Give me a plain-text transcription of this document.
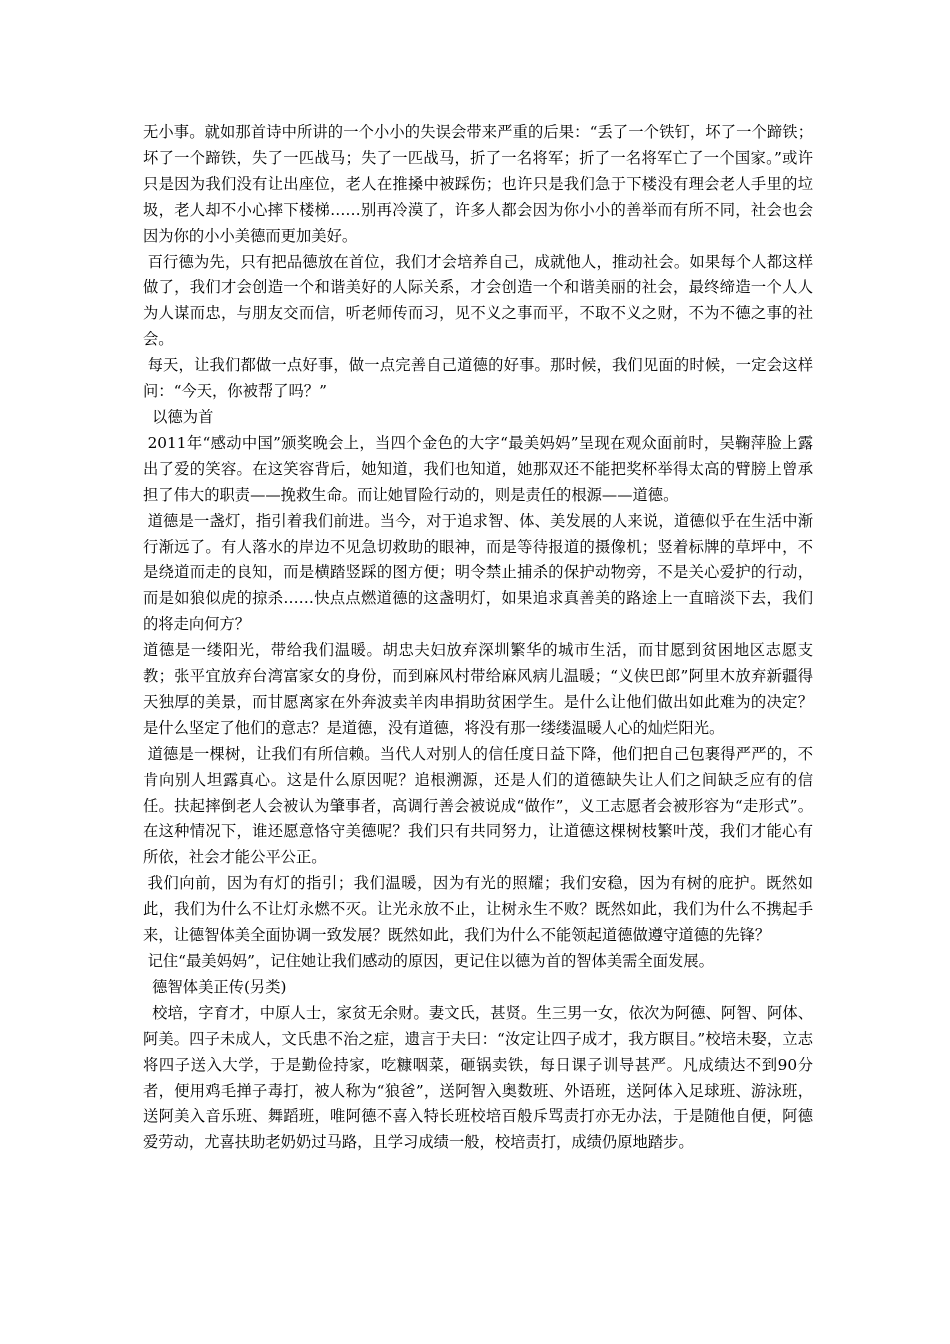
无小事。就如那首诗中所讲的一个小小的失误会带来严重的后果：“丢了一个铁钉，坏了一个蹄铁；坏了一个蹄铁，失了一匹战马；失了一匹战马，折了一名将军；折了一名将军亡了一个国家。”或许只是因为我们没有让出座位，老人在推搡中被踩伤；也许只是我们急于下楼没有理会老人手里的垃圾，老人却不小心摔下楼梯……别再冷漠了，许多人都会因为你小小的善举而有所不同，社会也会因为你的小小美德而更加美好。

百行德为先，只有把品德放在首位，我们才会培养自己，成就他人，推动社会。如果每个人都这样做了，我们才会创造一个和谐美好的人际关系，才会创造一个和谐美丽的社会，最终缔造一个人人为人谋而忠，与朋友交而信，听老师传而习，见不义之事而平，不取不义之财，不为不德之事的社会。

每天，让我们都做一点好事，做一点完善自己道德的好事。那时候，我们见面的时候，一定会这样问：“今天，你被帮了吗？”

以德为首

2011年“感动中国”颁奖晚会上，当四个金色的大字“最美妈妈”呈现在观众面前时，吴鞠萍脸上露出了爱的笑容。在这笑容背后，她知道，我们也知道，她那双还不能把奖杯举得太高的臂膀上曾承担了伟大的职责——挽救生命。而让她冒险行动的，则是责任的根源——道德。

道德是一盏灯，指引着我们前进。当今，对于追求智、体、美发展的人来说，道德似乎在生活中渐行渐远了。有人落水的岸边不见急切救助的眼神，而是等待报道的摄像机；竖着标牌的草坪中，不是绕道而走的良知，而是横踏竖踩的图方便；明令禁止捕杀的保护动物旁，不是关心爱护的行动，而是如狼似虎的掠杀……快点点燃道德的这盏明灯，如果追求真善美的路途上一直暗淡下去，我们的将走向何方？

道德是一缕阳光，带给我们温暖。胡忠夫妇放弃深圳繁华的城市生活，而甘愿到贫困地区志愿支教；张平宜放弃台湾富家女的身份，而到麻风村带给麻风病儿温暖；“义侠巴郎”阿里木放弃新疆得天独厚的美景，而甘愿离家在外奔波卖羊肉串捐助贫困学生。是什么让他们做出如此难为的决定？是什么坚定了他们的意志？是道德，没有道德，将没有那一缕缕温暖人心的灿烂阳光。

道德是一棵树，让我们有所信赖。当代人对别人的信任度日益下降，他们把自己包裹得严严的，不肯向别人坦露真心。这是什么原因呢？追根溯源，还是人们的道德缺失让人们之间缺乏应有的信任。扶起摔倒老人会被认为肇事者，高调行善会被说成“做作”，义工志愿者会被形容为“走形式”。在这种情况下，谁还愿意恪守美德呢？我们只有共同努力，让道德这棵树枝繁叶茂，我们才能心有所依，社会才能公平公正。

我们向前，因为有灯的指引；我们温暖，因为有光的照耀；我们安稳，因为有树的庇护。既然如此，我们为什么不让灯永燃不灭。让光永放不止，让树永生不败？既然如此，我们为什么不携起手来，让德智体美全面协调一致发展？既然如此，我们为什么不能领起道德做遵守道德的先锋？

记住“最美妈妈”，记住她让我们感动的原因，更记住以德为首的智体美需全面发展。

德智体美正传(另类)

校培，字育才，中原人士，家贫无余财。妻文氏，甚贤。生三男一女，依次为阿德、阿智、阿体、阿美。四子未成人，文氏患不治之症，遗言于夫曰：“汝定让四子成才，我方瞑目。”校培未娶，立志将四子送入大学，于是勤俭持家，吃糠咽菜，砸锅卖铁，每日课子训导甚严。凡成绩达不到90分者，便用鸡毛掸子毒打，被人称为“狼爸”，送阿智入奥数班、外语班，送阿体入足球班、游泳班，送阿美入音乐班、舞蹈班，唯阿德不喜入特长班校培百般斥骂责打亦无办法，于是随他自便，阿德爱劳动，尤喜扶助老奶奶过马路，且学习成绩一般，校培责打，成绩仍原地踏步。
